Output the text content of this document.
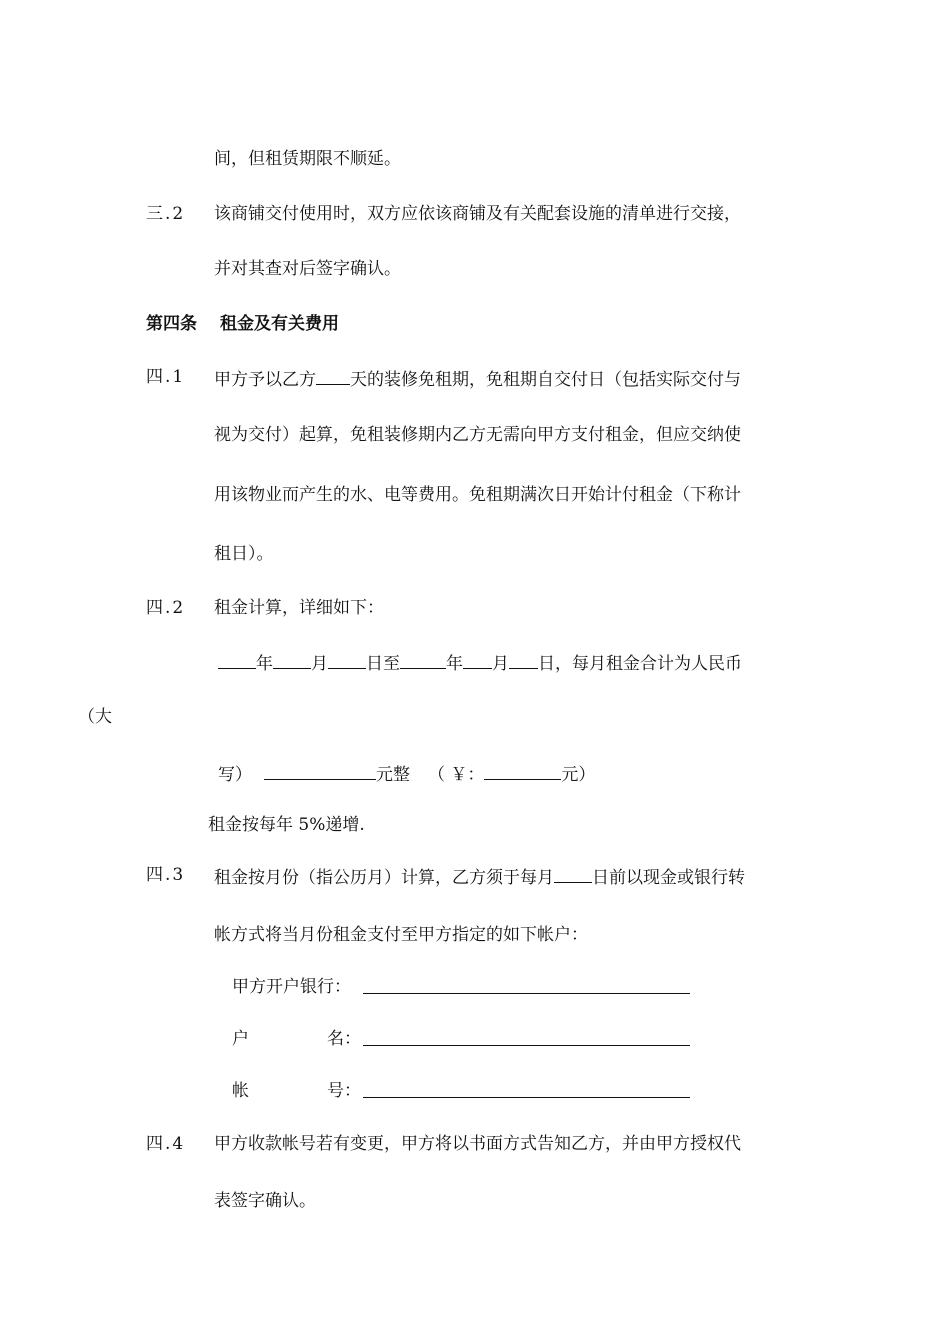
间，但租赁期限不顺延。
三.2 该商铺交付使用时，双方应依该商铺及有关配套设施的清单进行交接，
并对其查对后签字确认。
第四条 租金及有关费用
四.1 甲方予以乙方 天的装修免租期，免租期自交付日（包括实际交付与
视为交付）起算，免租装修期内乙方无需向甲方支付租金，但应交纳使
用该物业而产生的水、电等费用。免租期满次日开始计付租金（下称计
租日）。
四.2 租金计算，详细如下：
年 月 日至	年 月 日，每月租金合计为人民币
（大
写）	元整 （ ￥：	元）
租金按每年 5%递增.
四.3 租金按月份（指公历月）计算，乙方须于每月 日前以现金或银行转
帐方式将当月份租金支付至甲方指定的如下帐户：
甲方开户银行：
户	名：
帐	号：
四.4 甲方收款帐号若有变更，甲方将以书面方式告知乙方，并由甲方授权代
表签字确认。
